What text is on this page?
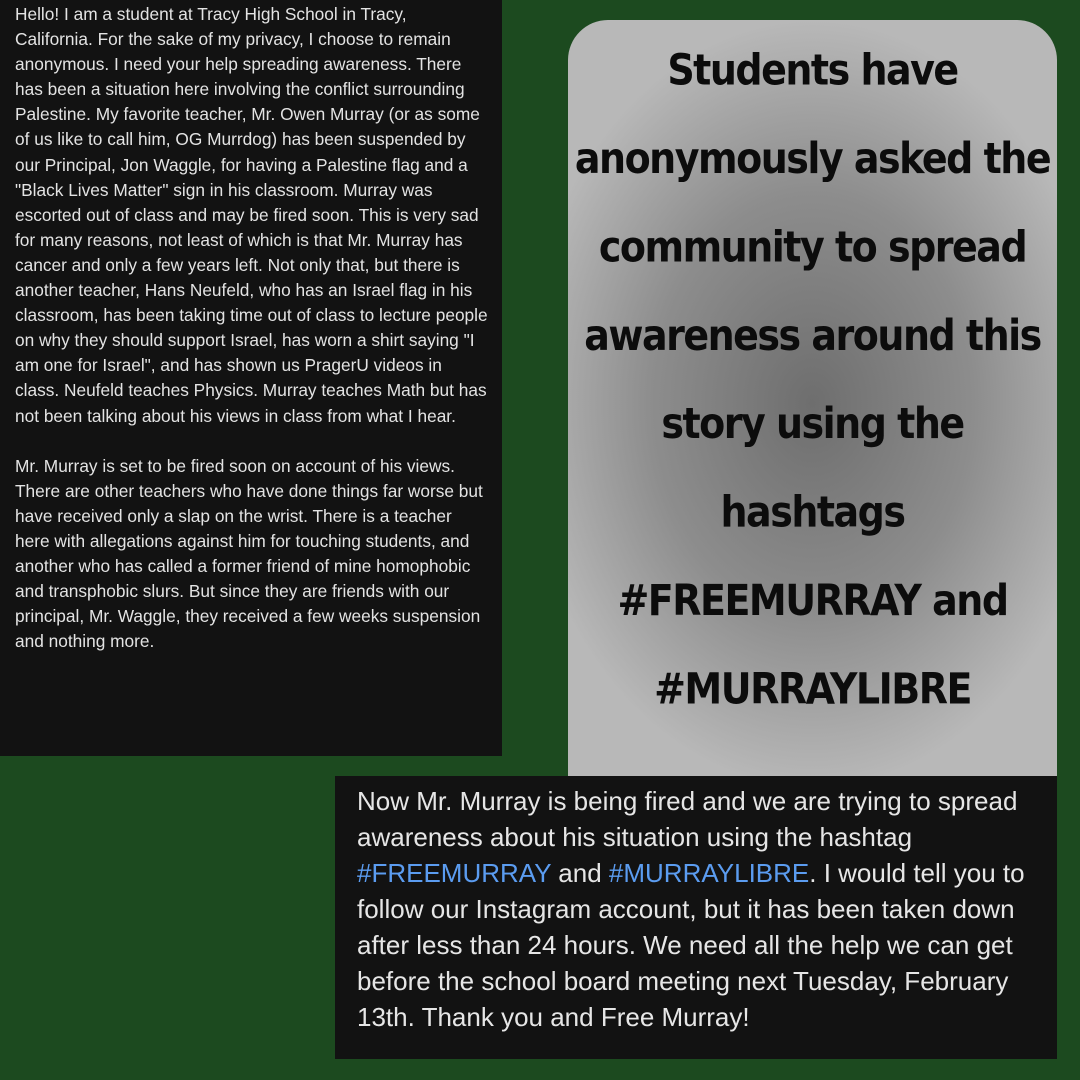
Hello! I am a student at Tracy High School in Tracy, California. For the sake of my privacy, I choose to remain anonymous. I need your help spreading awareness. There has been a situation here involving the conflict surrounding Palestine. My favorite teacher, Mr. Owen Murray (or as some of us like to call him, OG Murrdog) has been suspended by our Principal, Jon Waggle, for having a Palestine flag and a "Black Lives Matter" sign in his classroom. Murray was escorted out of class and may be fired soon. This is very sad for many reasons, not least of which is that Mr. Murray has cancer and only a few years left. Not only that, but there is another teacher, Hans Neufeld, who has an Israel flag in his classroom, has been taking time out of class to lecture people on why they should support Israel, has worn a shirt saying "I am one for Israel", and has shown us PragerU videos in class. Neufeld teaches Physics. Murray teaches Math but has not been talking about his views in class from what I hear.

Mr. Murray is set to be fired soon on account of his views. There are other teachers who have done things far worse but have received only a slap on the wrist. There is a teacher here with allegations against him for touching students, and another who has called a former friend of mine homophobic and transphobic slurs. But since they are friends with our principal, Mr. Waggle, they received a few weeks suspension and nothing more.

Students have
anonymously asked the
community to spread
awareness around this
story using the
hashtags
#FREEMURRAY and
#MURRAYLIBRE

Now Mr. Murray is being fired and we are trying to spread awareness about his situation using the hashtag #FREEMURRAY and #MURRAYLIBRE. I would tell you to follow our Instagram account, but it has been taken down after less than 24 hours. We need all the help we can get before the school board meeting next Tuesday, February 13th. Thank you and Free Murray!
